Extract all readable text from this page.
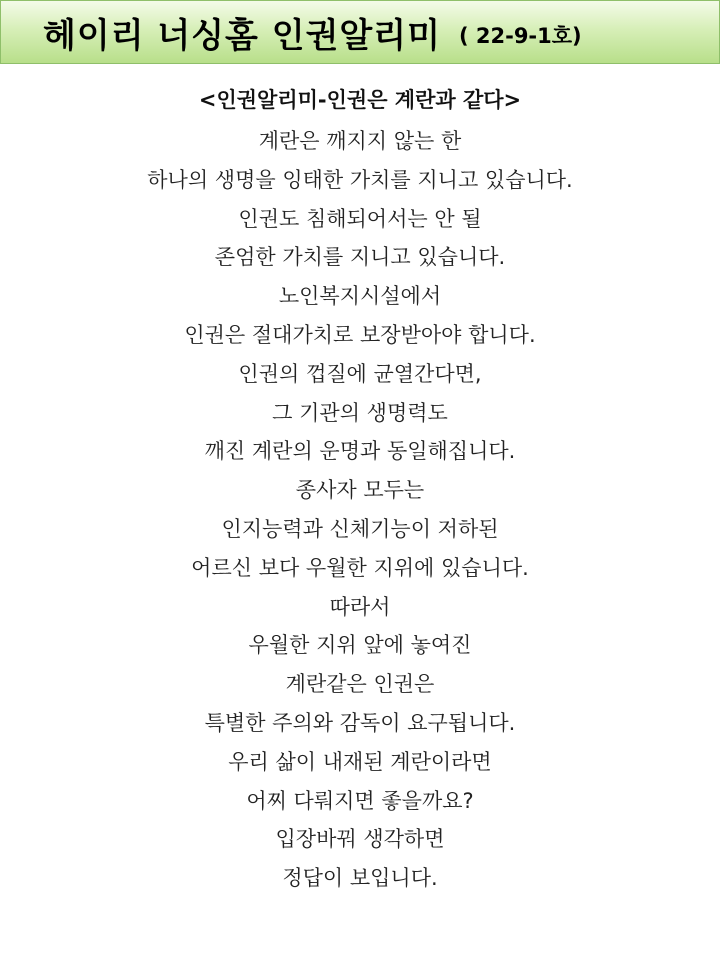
헤이리 너싱홈 인권알리미 ( 22-9-1호)
<인권알리미-인권은 계란과 같다>
계란은 깨지지 않는 한
하나의 생명을 잉태한 가치를 지니고 있습니다.
인권도 침해되어서는 안 될
존엄한 가치를 지니고 있습니다.
노인복지시설에서
인권은 절대가치로 보장받아야 합니다.
인권의 껍질에 균열간다면,
그 기관의 생명력도
깨진 계란의 운명과 동일해집니다.
종사자 모두는
인지능력과 신체기능이 저하된
어르신 보다 우월한 지위에 있습니다.
따라서
우월한 지위 앞에 놓여진
계란같은 인권은
특별한 주의와 감독이 요구됩니다.
우리 삶이 내재된 계란이라면
어찌 다뤄지면 좋을까요?
입장바꿔 생각하면
정답이 보입니다.
